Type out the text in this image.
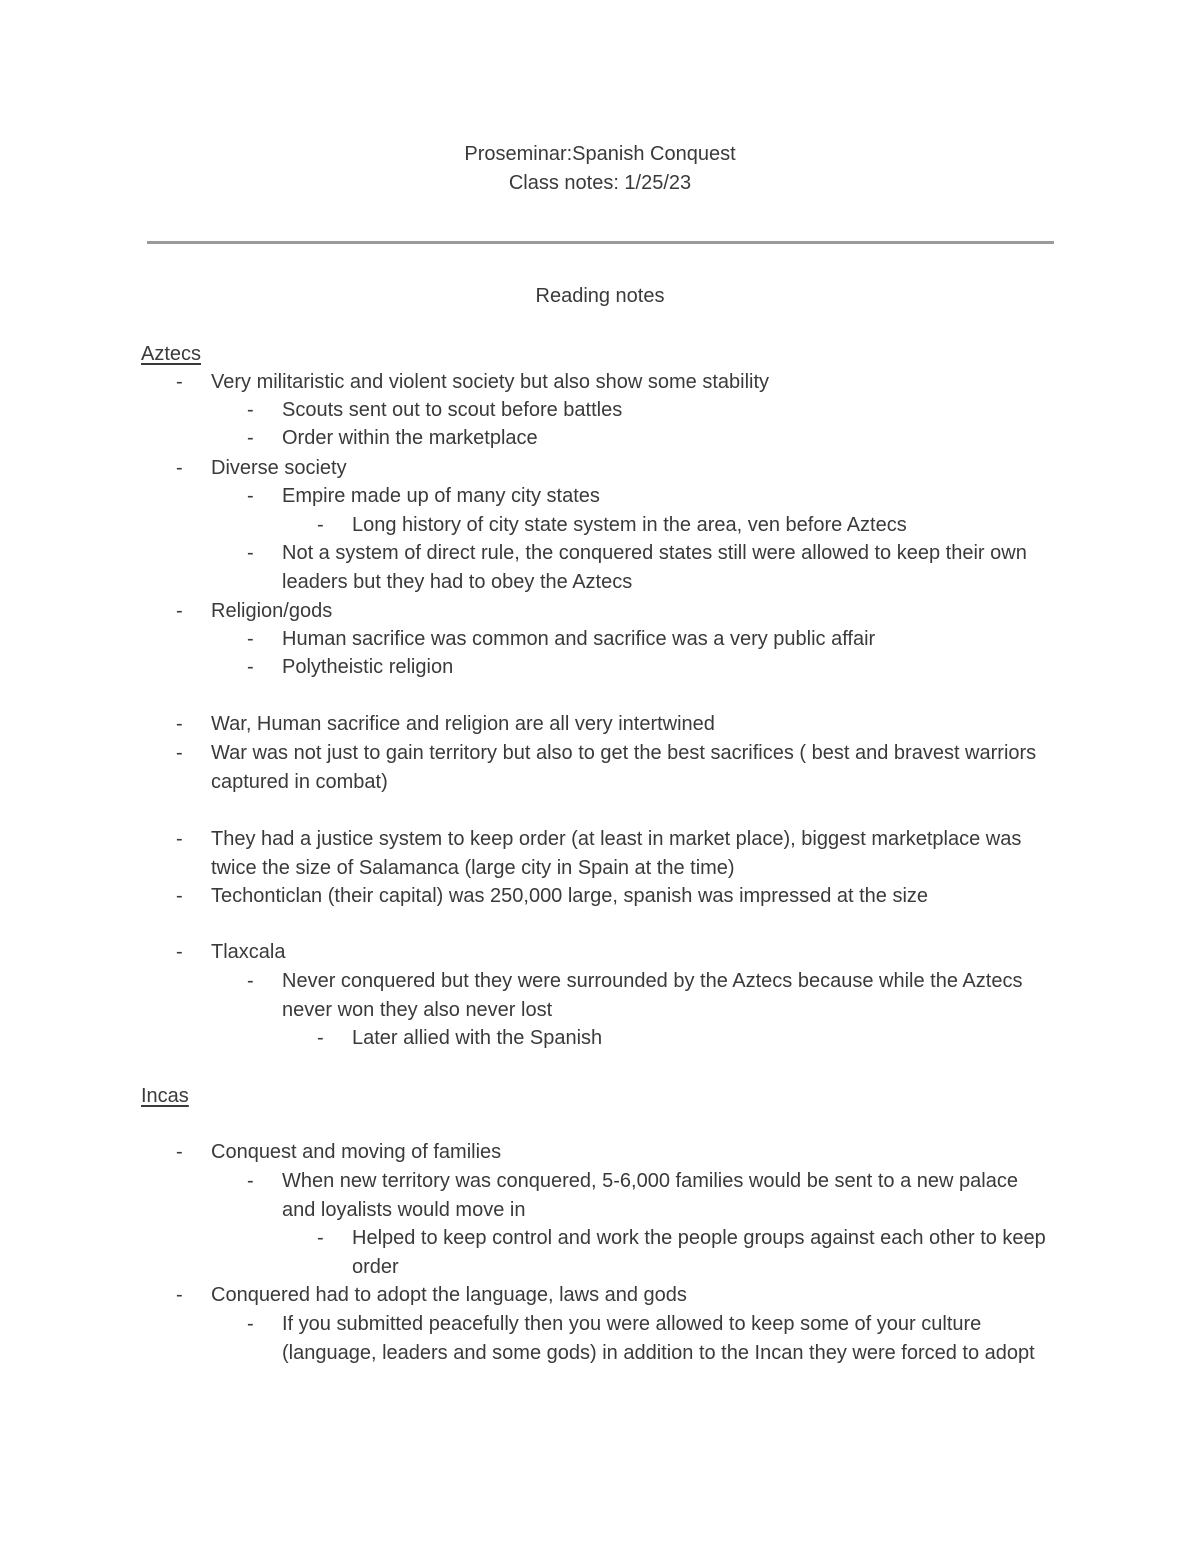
Proseminar:Spanish Conquest
Class notes: 1/25/23
Reading notes
Aztecs
- Very militaristic and violent society but also show some stability
- Scouts sent out to scout before battles
- Order within the marketplace
- Diverse society
- Empire made up of many city states
- Long history of city state system in the area, ven before Aztecs
- Not a system of direct rule, the conquered states still were allowed to keep their own leaders but they had to obey the Aztecs
- Religion/gods
- Human sacrifice was common and sacrifice was a very public affair
- Polytheistic religion
- War, Human sacrifice and religion are all very intertwined
- War was not just to gain territory but also to get the best sacrifices ( best and bravest warriors captured in combat)
- They had a justice system to keep order (at least in market place), biggest marketplace was twice the size of Salamanca (large city in Spain at the time)
- Techonticlan (their capital) was 250,000 large, spanish was impressed at the size
- Tlaxcala
- Never conquered but they were surrounded by the Aztecs because while the Aztecs never won they also never lost
- Later allied with the Spanish
- Conquest and moving of families
- When new territory was conquered, 5-6,000 families would be sent to a new palace and loyalists would move in
- Helped to keep control and work the people groups against each other to keep order
- Conquered had to adopt the language, laws and gods
- If you submitted peacefully then you were allowed to keep some of your culture (language, leaders and some gods) in addition to the Incan they were forced to adopt
Incas
